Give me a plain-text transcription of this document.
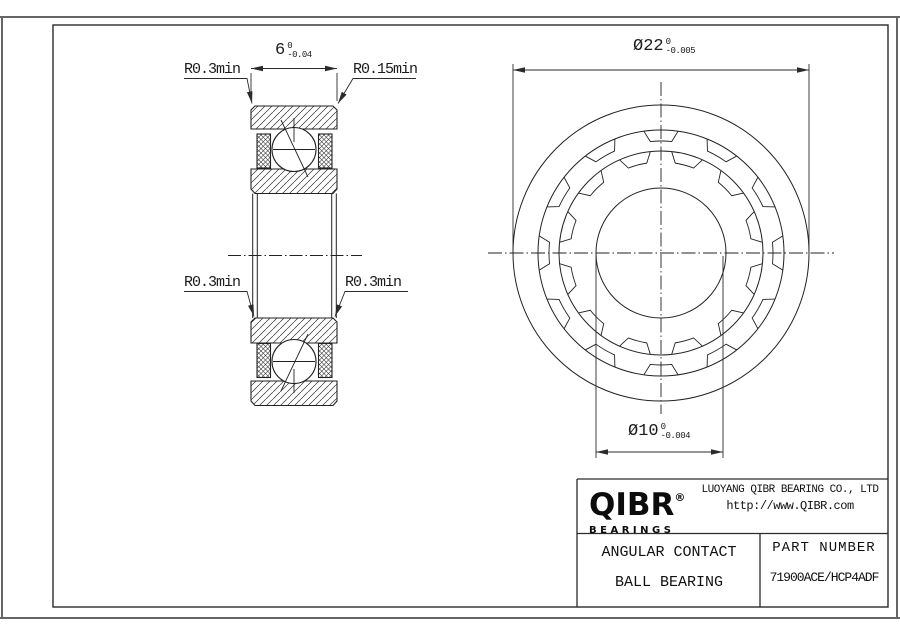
6 0
-0.04
R0.3min	R0.15min
R0.3min	R0.3min
Ø22 0
-0.005
Ø10 0
-0.004
QIBR®
BEARINGS
LUOYANG QIBR BEARING CO., LTD
http://www.QIBR.com
ANGULAR CONTACT
BALL BEARING
PART NUMBER
71900ACE/HCP4ADF
